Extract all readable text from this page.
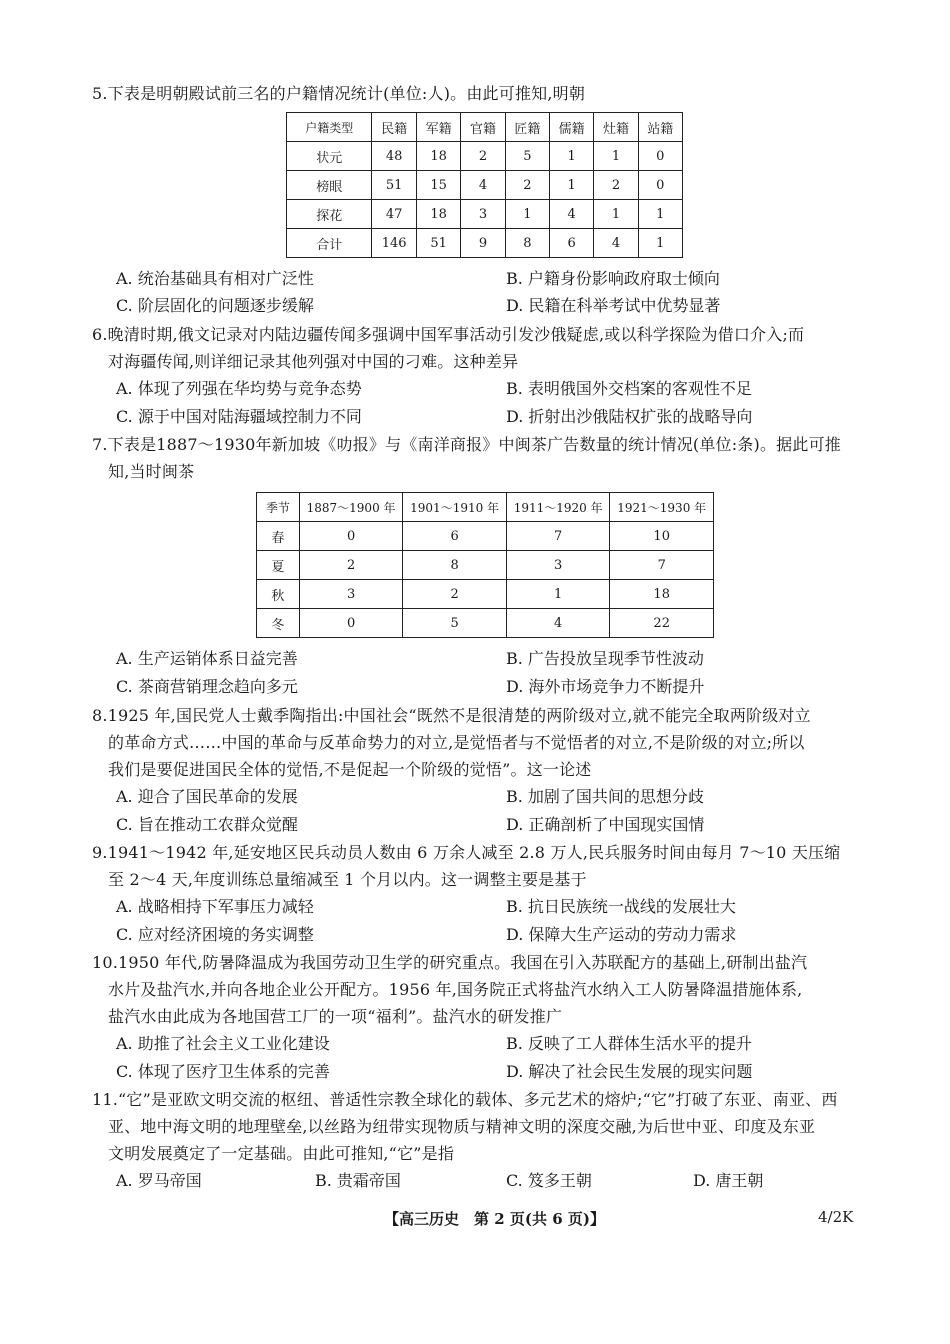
5.下表是明朝殿试前三名的户籍情况统计(单位:人)。由此可推知,明朝
户籍类型	民籍	军籍	官籍	匠籍	儒籍	灶籍	站籍
状元	48	18	2	5	1	1	0
榜眼	51	15	4	2	1	2	0
探花	47	18	3	1	4	1	1
合计	146	51	9	8	6	4	1
A. 统治基础具有相对广泛性	B. 户籍身份影响政府取士倾向
C. 阶层固化的问题逐步缓解	D. 民籍在科举考试中优势显著
6.晚清时期,俄文记录对内陆边疆传闻多强调中国军事活动引发沙俄疑虑,或以科学探险为借口介入;而
对海疆传闻,则详细记录其他列强对中国的刁难。这种差异
A. 体现了列强在华均势与竞争态势	B. 表明俄国外交档案的客观性不足
C. 源于中国对陆海疆域控制力不同	D. 折射出沙俄陆权扩张的战略导向
7.下表是1887～1930年新加坡《叻报》与《南洋商报》中闽茶广告数量的统计情况(单位:条)。据此可推
知,当时闽茶
季节	1887～1900 年	1901～1910 年	1911～1920 年	1921～1930 年
春	0	6	7	10
夏	2	8	3	7
秋	3	2	1	18
冬	0	5	4	22
A. 生产运销体系日益完善	B. 广告投放呈现季节性波动
C. 茶商营销理念趋向多元	D. 海外市场竞争力不断提升
8.1925 年,国民党人士戴季陶指出:中国社会“既然不是很清楚的两阶级对立,就不能完全取两阶级对立
的革命方式……中国的革命与反革命势力的对立,是觉悟者与不觉悟者的对立,不是阶级的对立;所以
我们是要促进国民全体的觉悟,不是促起一个阶级的觉悟”。这一论述
A. 迎合了国民革命的发展	B. 加剧了国共间的思想分歧
C. 旨在推动工农群众觉醒	D. 正确剖析了中国现实国情
9.1941～1942 年,延安地区民兵动员人数由 6 万余人减至 2.8 万人,民兵服务时间由每月 7～10 天压缩
至 2～4 天,年度训练总量缩减至 1 个月以内。这一调整主要是基于
A. 战略相持下军事压力减轻	B. 抗日民族统一战线的发展壮大
C. 应对经济困境的务实调整	D. 保障大生产运动的劳动力需求
10.1950 年代,防暑降温成为我国劳动卫生学的研究重点。我国在引入苏联配方的基础上,研制出盐汽
水片及盐汽水,并向各地企业公开配方。1956 年,国务院正式将盐汽水纳入工人防暑降温措施体系,
盐汽水由此成为各地国营工厂的一项“福利”。盐汽水的研发推广
A. 助推了社会主义工业化建设	B. 反映了工人群体生活水平的提升
C. 体现了医疗卫生体系的完善	D. 解决了社会民生发展的现实问题
11.“它”是亚欧文明交流的枢纽、普适性宗教全球化的载体、多元艺术的熔炉;“它”打破了东亚、南亚、西
亚、地中海文明的地理壁垒,以丝路为纽带实现物质与精神文明的深度交融,为后世中亚、印度及东亚
文明发展奠定了一定基础。由此可推知,“它”是指
A. 罗马帝国	B. 贵霜帝国	C. 笈多王朝	D. 唐王朝
【高三历史　第 2 页(共 6 页)】	4/2K
